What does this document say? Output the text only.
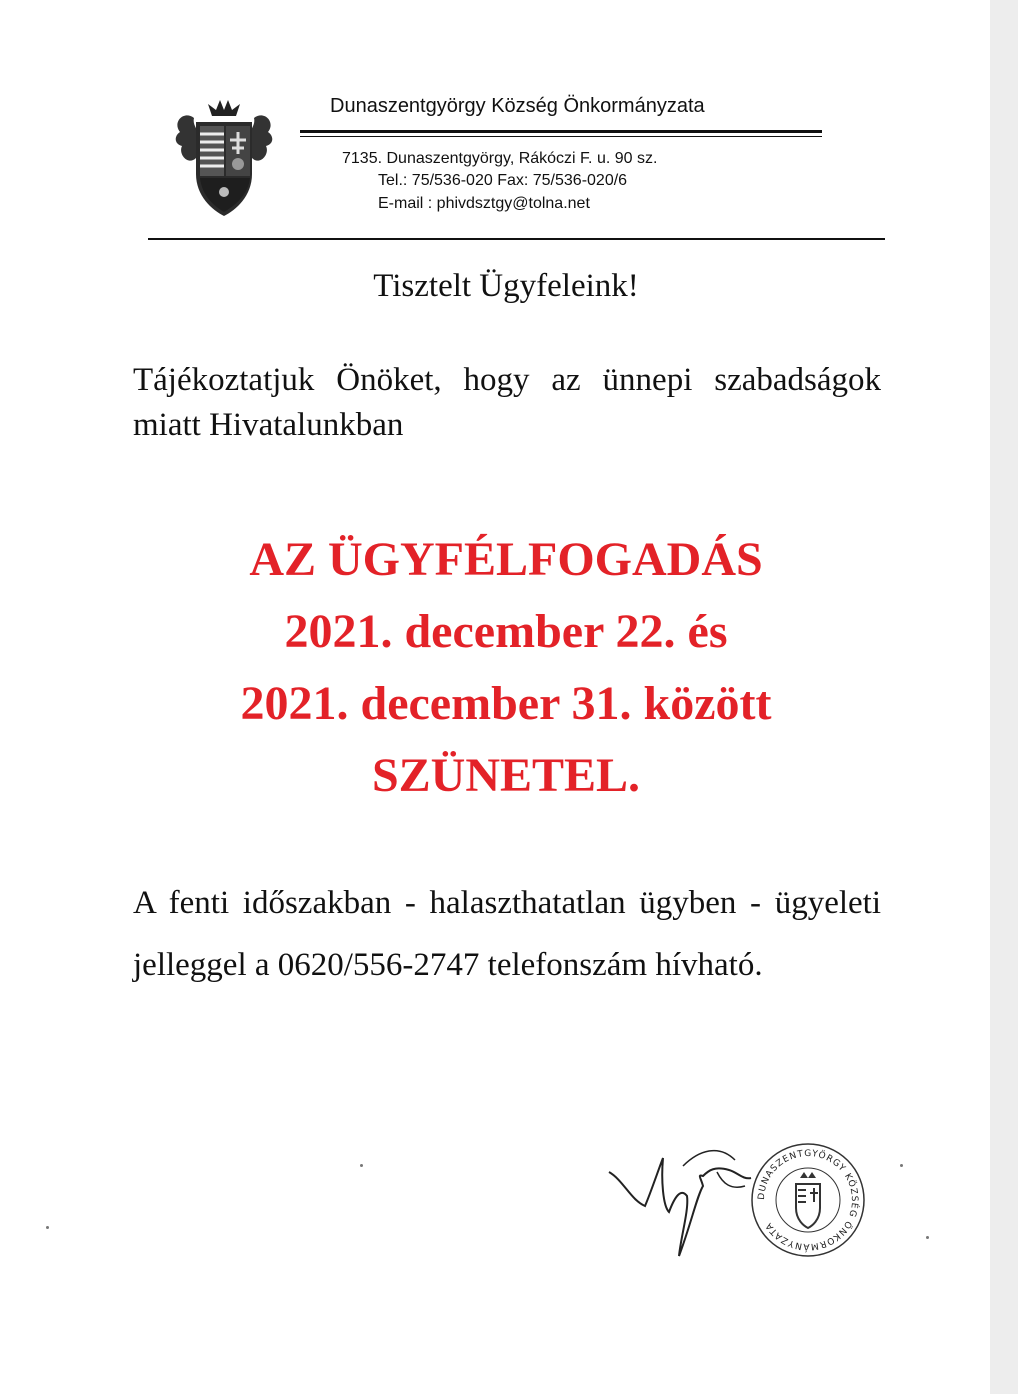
Dunaszentgyörgy Község Önkormányzata
7135. Dunaszentgyörgy, Rákóczi F. u. 90 sz.
Tel.: 75/536-020 Fax: 75/536-020/6
E-mail : phivdsztgy@tolna.net
Tisztelt Ügyfeleink!
Tájékoztatjuk Önöket, hogy az ünnepi szabadságok miatt Hivatalunkban
AZ ÜGYFÉLFOGADÁS
2021. december 22. és
2021. december 31. között
SZÜNETEL.
A fenti időszakban - halaszthatatlan ügyben - ügyeleti jelleggel a 0620/556-2747 telefonszám hívható.
DUNASZENTGYÖRGY KÖZSÉG ÖNKORMÁNYZATA
